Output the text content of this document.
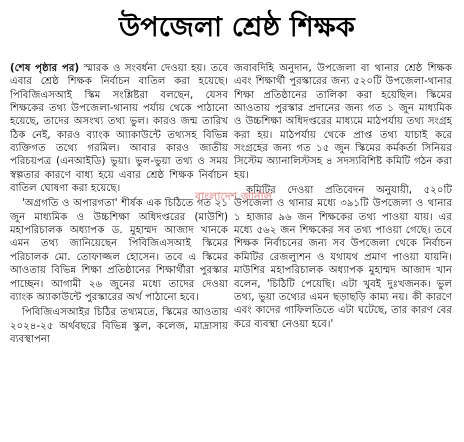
উপজেলা শ্রেষ্ঠ শিক্ষক

(শেষ পৃষ্ঠার পর) স্মারক ও সংবর্ধনা দেওয়া হয়। তবে এবার শ্রেষ্ঠ শিক্ষক নির্বাচন বাতিল করা হয়েছে। পিবিজিএসআই স্কিম সংশ্লিষ্টরা বলছেন, যেসব শিক্ষকের তথ্য উপজেলা-থানায় পর্যায় থেকে পাঠানো হয়েছে, তাদের অসংখ্য তথ্য ভুল। কারও জন্ম তারিখ ঠিক নেই, কারও ব্যাংক অ্যাকাউন্টে তথ্যসহ বিভিন্ন ব্যক্তিগত তথ্যে গরমিল। আবার কারও জাতীয় পরিচয়পত্র (এনআইডি) ভুয়া। ভুল-ভুয়া তথ্য ও সময় স্বল্পতার কারণে বাধ্য হয়ে এবার শ্রেষ্ঠ শিক্ষক নির্বাচন বাতিল ঘোষণা করা হয়েছে।

'অগ্রগতি ও অপারগতা' শীর্ষক এক চিঠিতে গত ২১ জুন মাধ্যমিক ও উচ্চশিক্ষা অধিদপ্তরের (মাউশি) মহাপরিচালক অধ্যাপক ড. মুহাম্মদ আজাদ খানকে এমন তথ্য জানিয়েছেন পিবিজিএসআই স্কিমের পরিচালক মো. তোফাজ্জল হোসেন। তবে এ স্কিমের আওতায় বিভিন্ন শিক্ষা প্রতিষ্ঠানের শিক্ষার্থীরা পুরস্কার পাচ্ছেন। আগামী ২৬ জুনের মধ্যে তাদের দেওয়া ব্যাংক অ্যাকাউন্টে পুরস্কারের অর্থ পাঠানো হবে।

পিবিজিএসআইর চিঠির তথ্যমতে, স্কিমের আওতায় ২০২৪-২৫ অর্থবছরে বিভিন্ন স্কুল, কলেজ, মাদ্রাসায় ব্যবস্থাপনা

জবাবদিহি অনুদান, উপজেলা বা থানার শ্রেষ্ঠ শিক্ষক এবং শিক্ষার্থী পুরস্কারের জন্য ৫২০টি উপজেলা-থানার শিক্ষা প্রতিষ্ঠানের তালিকা করা হয়েছিল। স্কিমের আওতায় পুরস্কার প্রদানের জন্য গত ১ জুন মাধ্যমিক ও উচ্চশিক্ষা অধিদপ্তরের মাধ্যমে মাঠপর্যায় তথ্য সংগ্রহ করা হয়। মাঠপর্যায় থেকে প্রাপ্ত তথ্য যাচাই করে সংগ্রহের জন্য গত ১৫ জুন স্কিমের কর্মকর্তা সিনিয়র সিস্টেম অ্যানালিস্টসহ ৪ সদস্যবিশিষ্ট কমিটি গঠন করা হয়।

কমিটির দেওয়া প্রতিবেদন অনুযায়ী, ৫২০টি উপজেলা ও থানার মধ্যে ৩৯১টি উপজেলা ও থানার ১ হাজার ৯৬ জন শিক্ষকের তথ্য পাওয়া যায়। এর মধ্যে ৫৬২ জন শিক্ষকের সব তথ্য পাওয়া গেছে। তবে শিক্ষক নির্বাচনের জন্য সব উপজেলা থেকে নির্বাচন কমিটির রেজল্যুশন ও যথাযথ প্রমাণ পাওয়া যায়নি। মাউশির মহাপরিচালক অধ্যাপক মুহাম্মদ আজাদ খান বলেন, 'চিঠিটি পেয়েছি। এটা খুবই দুঃখজনক। ভুল তথ্য, ভুয়া তথ্যের এমন ছড়াছড়ি কাম্য নয়। কী কারণে এবং কাদের গাফিলতিতে এটা ঘটেছে, তার কারণ বের করে ব্যবস্থা নেওয়া হবে।'

বাংলাদেশ জার্নাল
